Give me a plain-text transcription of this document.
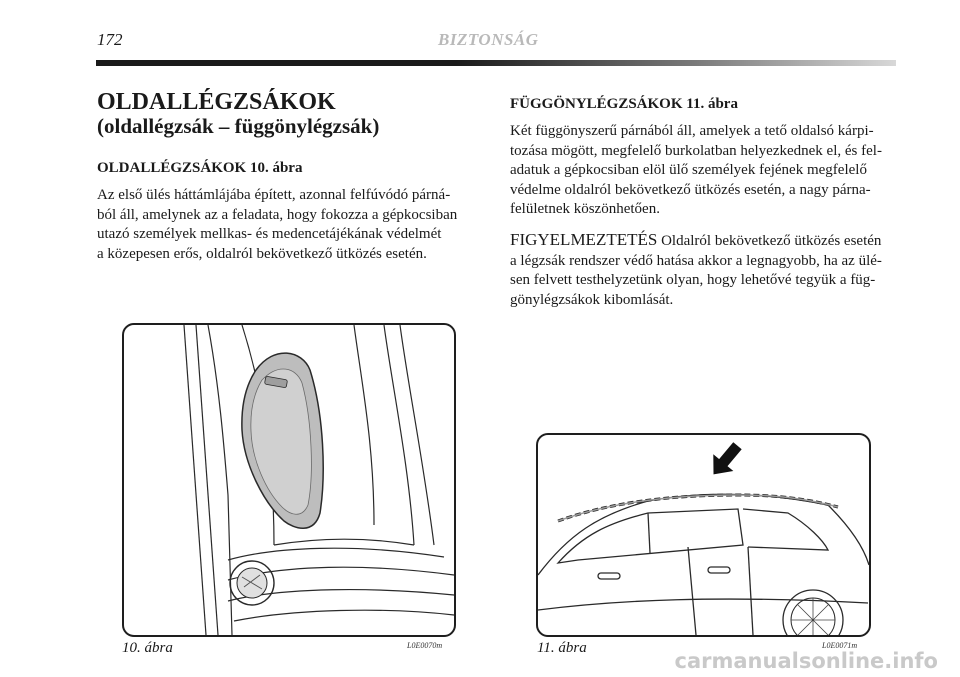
172	BIZTONSÁG
OLDALLÉGZSÁKOK
(oldallégzsák – függönylégzsák)
OLDALLÉGZSÁKOK 10. ábra
Az első ülés háttámlájába épített, azonnal felfúvódó párná-
ból áll, amelynek az a feladata, hogy fokozza a gépkocsiban
utazó személyek mellkas- és medencetájékának védelmét
a közepesen erős, oldalról bekövetkező ütközés esetén.
FÜGGÖNYLÉGZSÁKOK 11. ábra
Két függönyszerű párnából áll, amelyek a tető oldalsó kárpi-
tozása mögött, megfelelő burkolatban helyezkednek el, és fel-
adatuk a gépkocsiban elöl ülő személyek fejének megfelelő
védelme oldalról bekövetkező ütközés esetén, a nagy párna-
felületnek köszönhetően.
FIGYELMEZTETÉS Oldalról bekövetkező ütközés esetén
a légzsák rendszer védő hatása akkor a legnagyobb, ha az ülé-
sen felvett testhelyzetünk olyan, hogy lehetővé tegyük a füg-
gönylégzsákok kibomlását.
10. ábra	L0E0070m	11. ábra	L0E0071m
carmanualsonline.info
